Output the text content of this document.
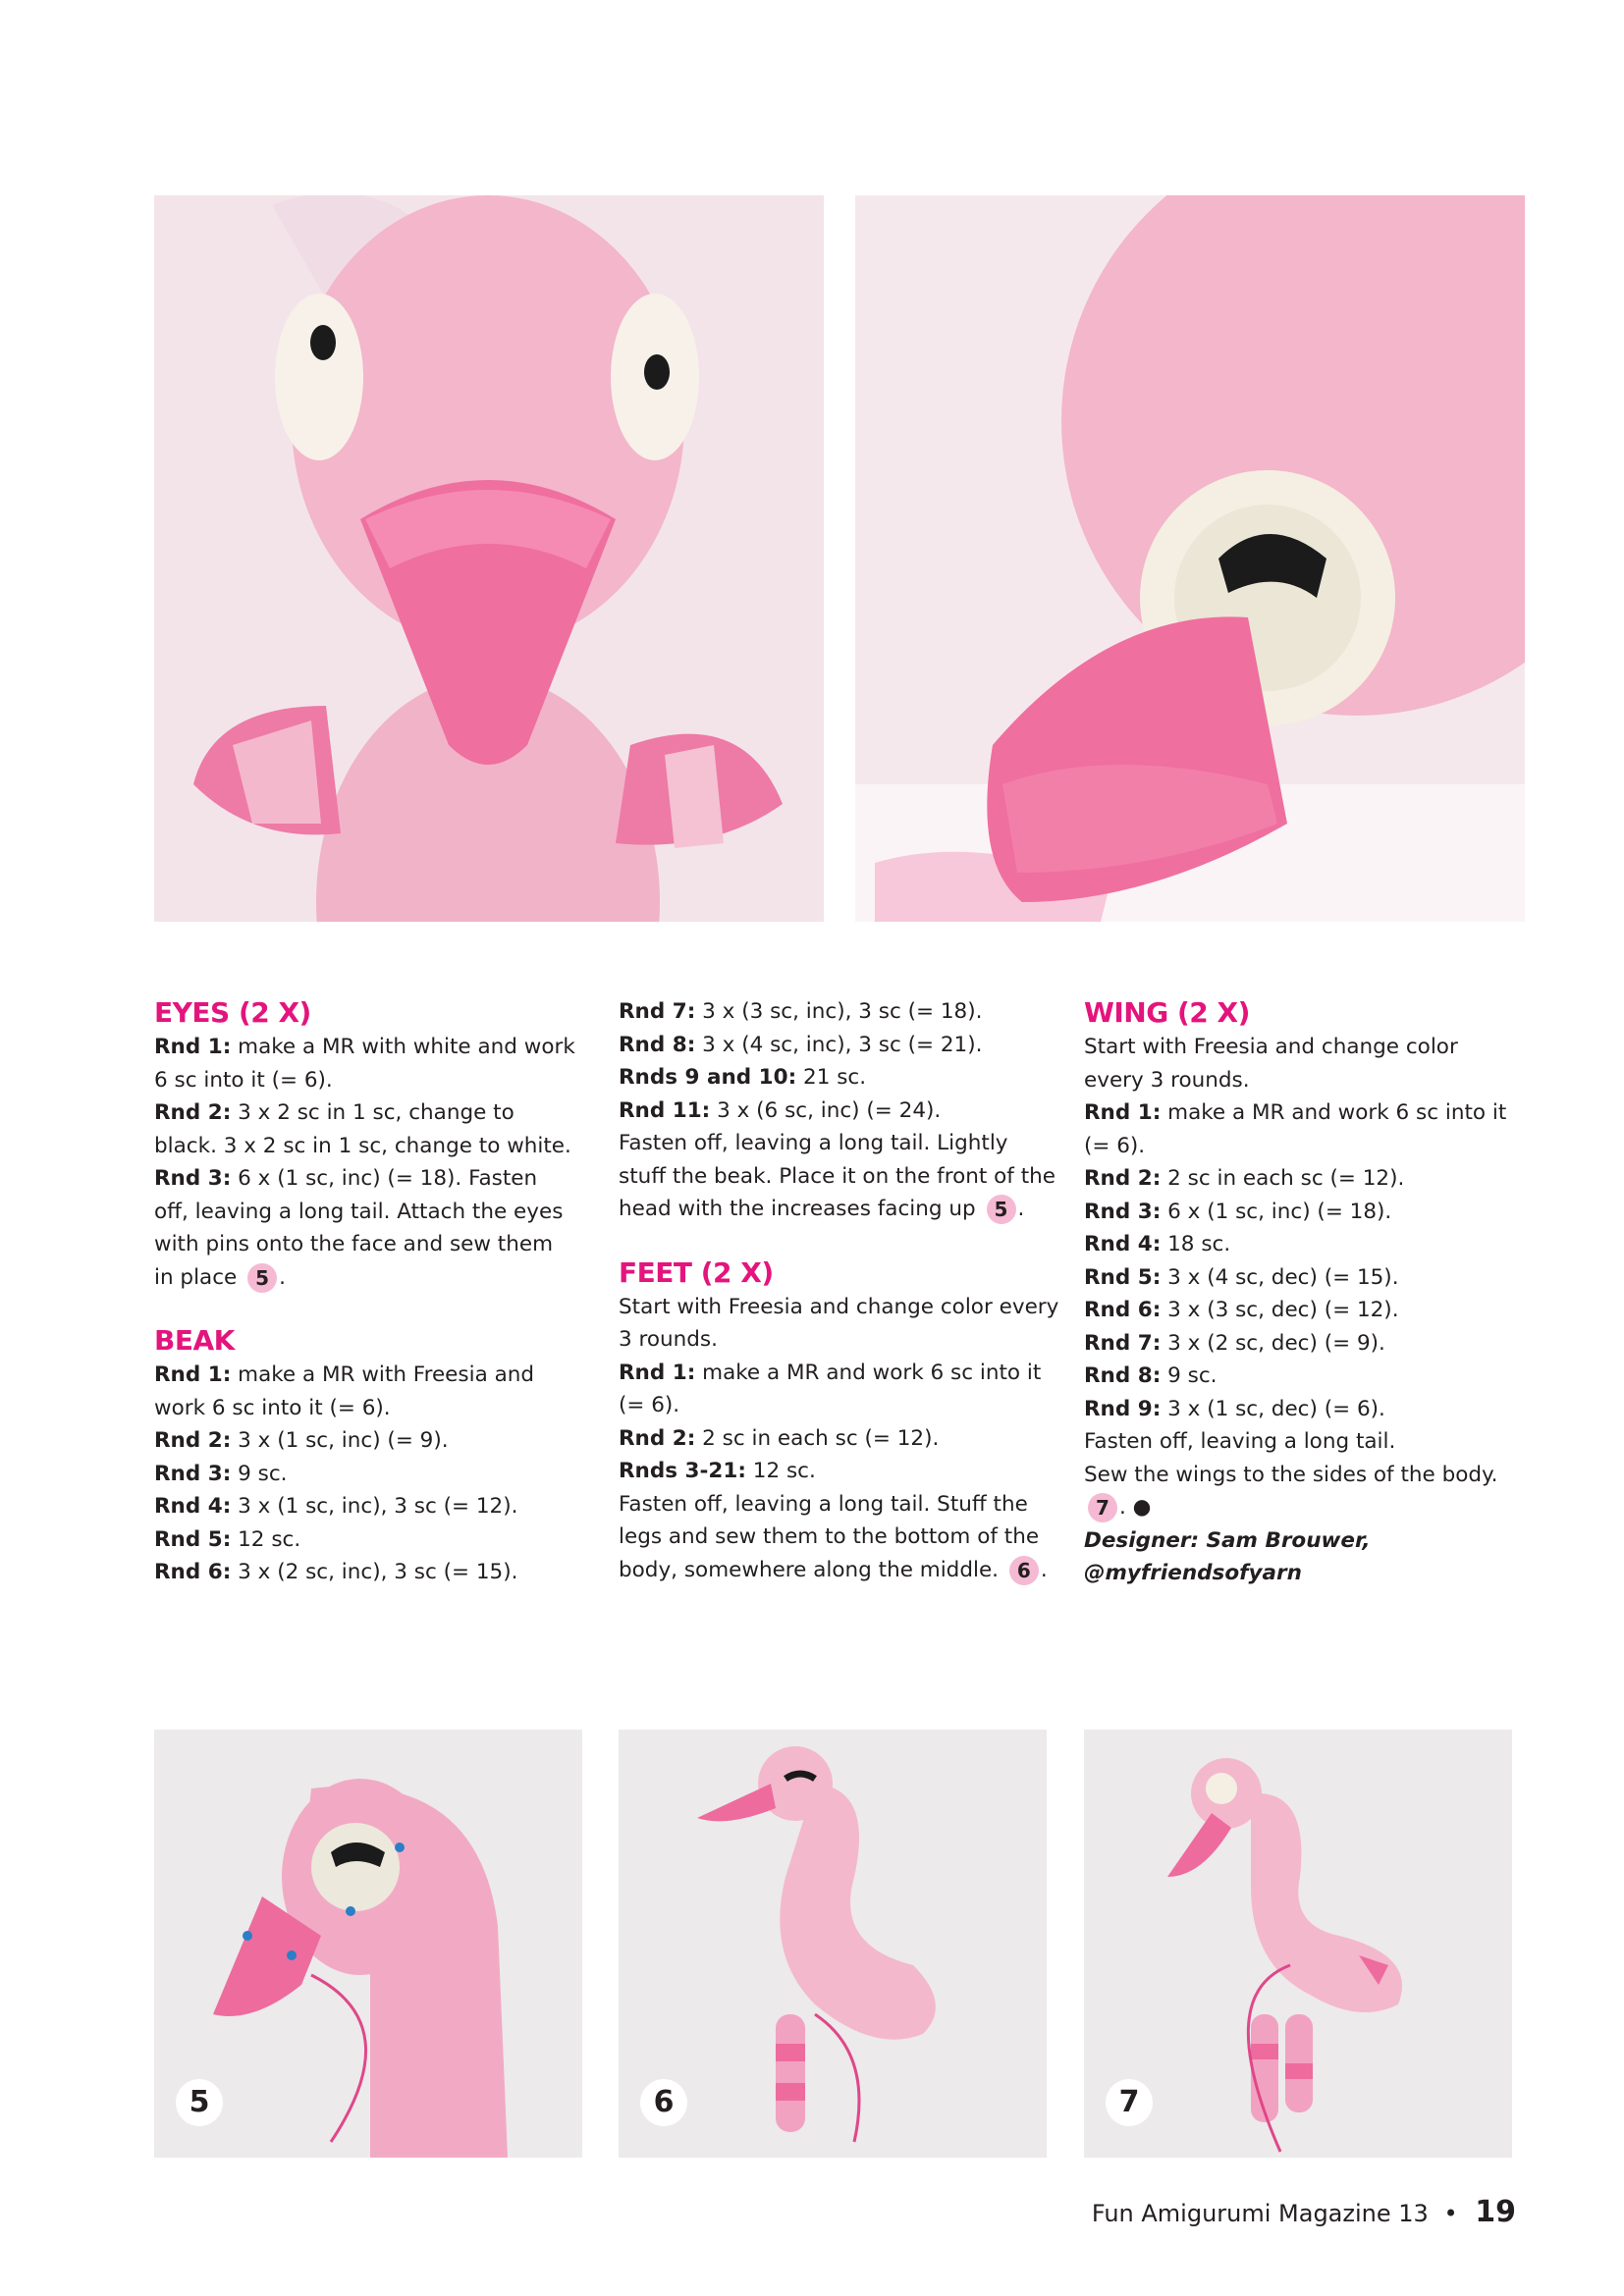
EYES (2 X)

Rnd 1: make a MR with white and work 6 sc into it (= 6).

Rnd 2: 3 x 2 sc in 1 sc, change to black. 3 x 2 sc in 1 sc, change to white.

Rnd 3: 6 x (1 sc, inc) (= 18). Fasten off, leaving a long tail. Attach the eyes with pins onto the face and sew them in place 5 .

BEAK

Rnd 1: make a MR with Freesia and work 6 sc into it (= 6).

Rnd 2: 3 x (1 sc, inc) (= 9).

Rnd 3: 9 sc.

Rnd 4: 3 x (1 sc, inc), 3 sc (= 12).

Rnd 5: 12 sc.

Rnd 6: 3 x (2 sc, inc), 3 sc (= 15).

Rnd 7: 3 x (3 sc, inc), 3 sc (= 18).

Rnd 8: 3 x (4 sc, inc), 3 sc (= 21).

Rnds 9 and 10: 21 sc.

Rnd 11: 3 x (6 sc, inc) (= 24).

Fasten off, leaving a long tail. Lightly stuff the beak. Place it on the front of the head with the increases facing up 5 .

FEET (2 X)

Start with Freesia and change color every 3 rounds.

Rnd 1: make a MR and work 6 sc into it (= 6).

Rnd 2: 2 sc in each sc (= 12).

Rnds 3-21: 12 sc.

Fasten off, leaving a long tail. Stuff the legs and sew them to the bottom of the body, somewhere along the middle. 6 .

WING (2 X)

Start with Freesia and change color every 3 rounds.

Rnd 1: make a MR and work 6 sc into it (= 6).

Rnd 2: 2 sc in each sc (= 12).

Rnd 3: 6 x (1 sc, inc) (= 18).

Rnd 4: 18 sc.

Rnd 5: 3 x (4 sc, dec) (= 15).

Rnd 6: 3 x (3 sc, dec) (= 12).

Rnd 7: 3 x (2 sc, dec) (= 9).

Rnd 8: 9 sc.

Rnd 9: 3 x (1 sc, dec) (= 6).

Fasten off, leaving a long tail.

Sew the wings to the sides of the body. 7 . ●

Designer: Sam Brouwer,

@myfriendsofyarn

5	6	7
Fun Amigurumi Magazine 13 • 19
